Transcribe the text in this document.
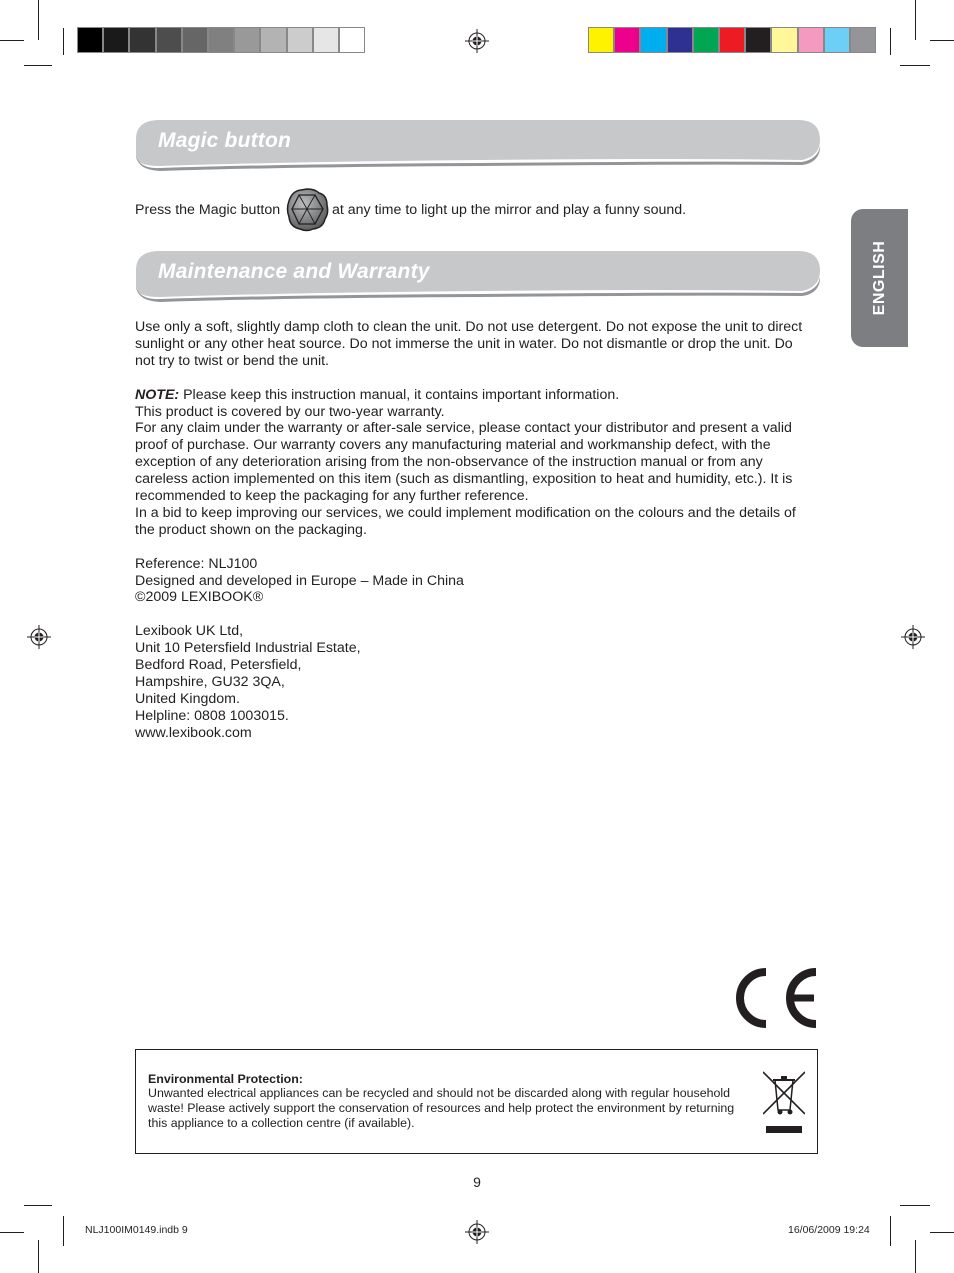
ENGLISH
Magic button
Press the Magic button	at any time to light up the mirror and play a funny sound.
Maintenance and Warranty

Use only a soft, slightly damp cloth to clean the unit. Do not use detergent. Do not expose the unit to direct

sunlight or any other heat source. Do not immerse the unit in water. Do not dismantle or drop the unit. Do

not try to twist or bend the unit.

NOTE: Please keep this instruction manual, it contains important information.

This product is covered by our two-year warranty.

For any claim under the warranty or after-sale service, please contact your distributor and present a valid

proof of purchase. Our warranty covers any manufacturing material and workmanship defect, with the

exception of any deterioration arising from the non-observance of the instruction manual or from any

careless action implemented on this item (such as dismantling, exposition to heat and humidity, etc.). It is

recommended to keep the packaging for any further reference.

In a bid to keep improving our services, we could implement modification on the colours and the details of

the product shown on the packaging.

Reference: NLJ100

Designed and developed in Europe – Made in China

©2009 LEXIBOOK®

Lexibook UK Ltd,

Unit 10 Petersfield Industrial Estate,

Bedford Road, Petersfield,

Hampshire, GU32 3QA,

United Kingdom.

Helpline: 0808 1003015.

www.lexibook.com

Environmental Protection:
Unwanted electrical appliances can be recycled and should not be discarded along with regular household
waste! Please actively support the conservation of resources and help protect the environment by returning
this appliance to a collection centre (if available).
9
NLJ100IM0149.indb 9	16/06/2009 19:24
